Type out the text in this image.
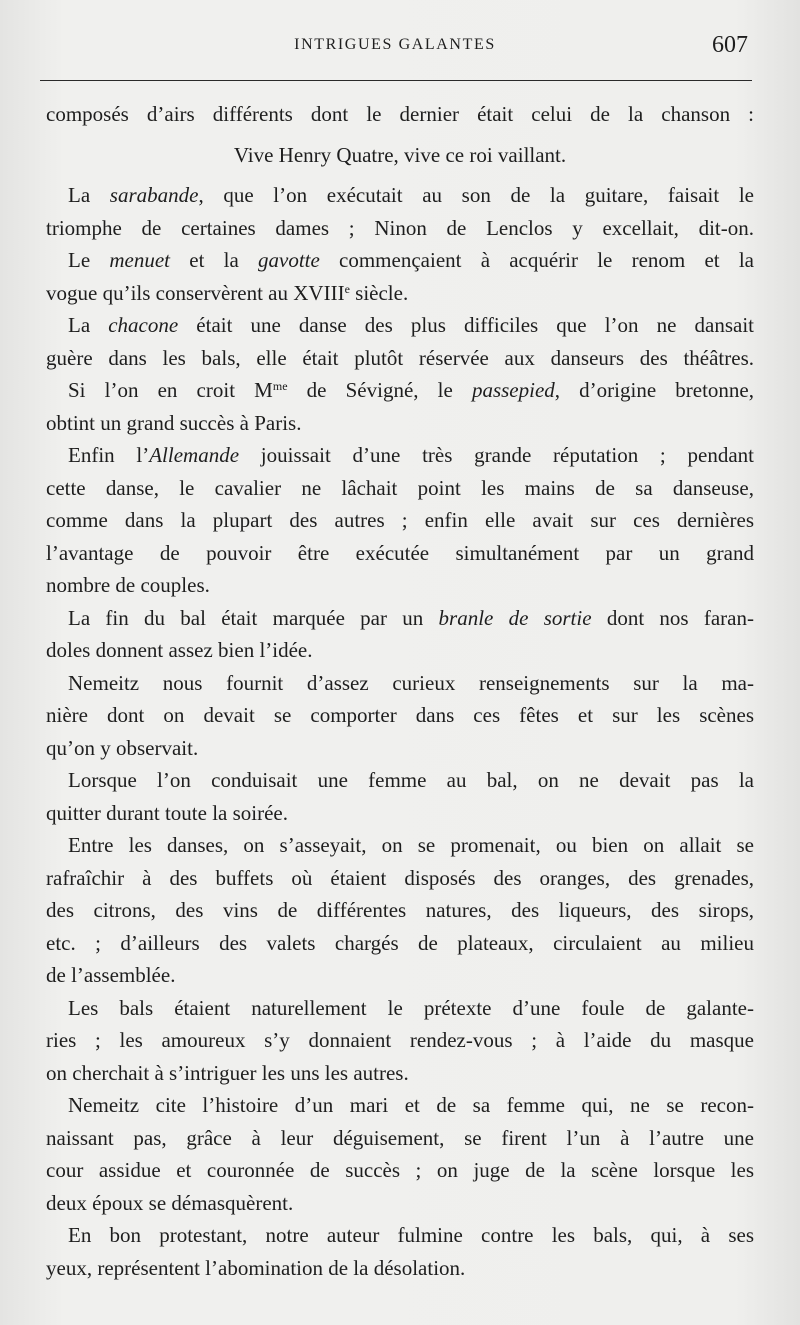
INTRIGUES GALANTES	607
composés d’airs différents dont le dernier était celui de la chanson :
Vive Henry Quatre, vive ce roi vaillant.
La sarabande, que l’on exécutait au son de la guitare, faisait le
triomphe de certaines dames ; Ninon de Lenclos y excellait, dit-on.
Le menuet et la gavotte commençaient à acquérir le renom et la
vogue qu’ils conservèrent au XVIIIe siècle.
La chacone était une danse des plus difficiles que l’on ne dansait
guère dans les bals, elle était plutôt réservée aux danseurs des théâtres.
Si l’on en croit $M^{me}$ de Sévigné, le passepied, d’origine bretonne,
obtint un grand succès à Paris.
Enfin l’Allemande jouissait d’une très grande réputation ; pendant
cette danse, le cavalier ne lâchait point les mains de sa danseuse,
comme dans la plupart des autres ; enfin elle avait sur ces dernières
l’avantage de pouvoir être exécutée simultanément par un grand
nombre de couples.
La fin du bal était marquée par un branle de sortie dont nos faran-
doles donnent assez bien l’idée.
Nemeitz nous fournit d’assez curieux renseignements sur la ma-
nière dont on devait se comporter dans ces fêtes et sur les scènes
qu’on y observait.
Lorsque l’on conduisait une femme au bal, on ne devait pas la
quitter durant toute la soirée.
Entre les danses, on s’asseyait, on se promenait, ou bien on allait se
rafraîchir à des buffets où étaient disposés des oranges, des grenades,
des citrons, des vins de différentes natures, des liqueurs, des sirops,
etc. ; d’ailleurs des valets chargés de plateaux, circulaient au milieu
de l’assemblée.
Les bals étaient naturellement le prétexte d’une foule de galante-
ries ; les amoureux s’y donnaient rendez-vous ; à l’aide du masque
on cherchait à s’intriguer les uns les autres.
Nemeitz cite l’histoire d’un mari et de sa femme qui, ne se recon-
naissant pas, grâce à leur déguisement, se firent l’un à l’autre une
cour assidue et couronnée de succès ; on juge de la scène lorsque les
deux époux se démasquèrent.
En bon protestant, notre auteur fulmine contre les bals, qui, à ses
yeux, représentent l’abomination de la désolation.
